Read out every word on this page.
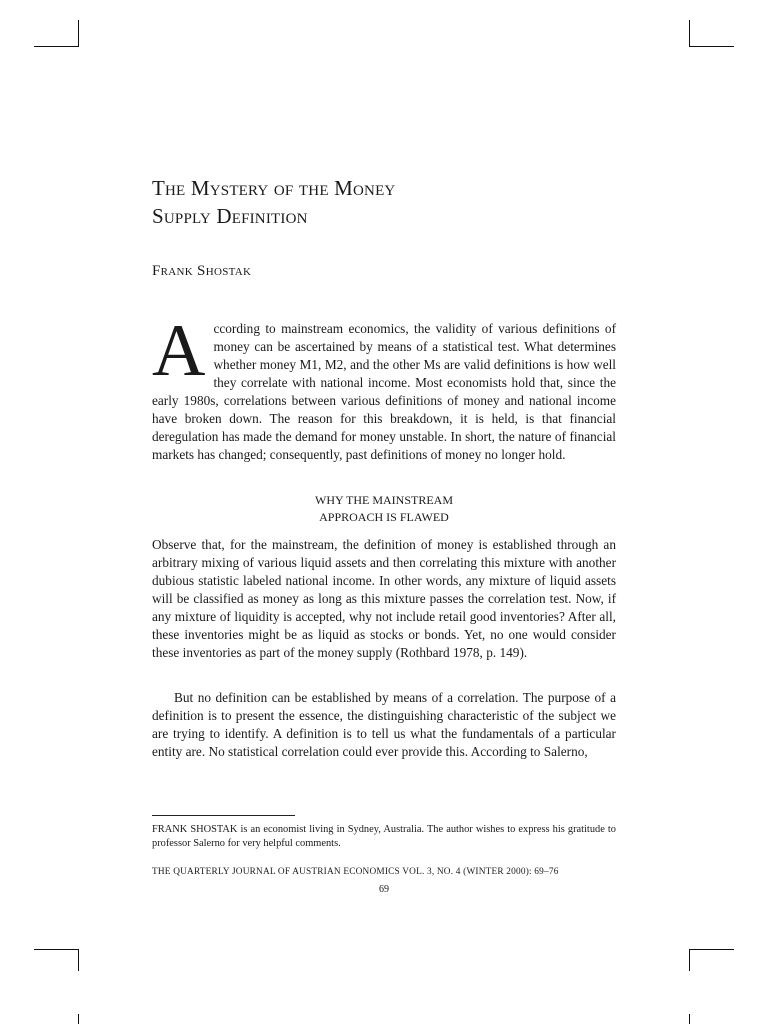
The Mystery of the Money
Supply Definition
Frank Shostak
A ccording to mainstream economics, the validity of various definitions of money can be ascertained by means of a statistical test. What determines whether money M1, M2, and the other Ms are valid definitions is how well they correlate with national income. Most economists hold that, since the early 1980s, correlations between various definitions of money and national income have broken down. The reason for this breakdown, it is held, is that financial deregulation has made the demand for money unstable. In short, the nature of financial markets has changed; consequently, past definitions of money no longer hold.
WHY THE MAINSTREAM
APPROACH IS FLAWED
Observe that, for the mainstream, the definition of money is established through an arbitrary mixing of various liquid assets and then correlating this mixture with another dubious statistic labeled national income. In other words, any mixture of liquid assets will be classified as money as long as this mixture passes the correlation test. Now, if any mixture of liquidity is accepted, why not include retail good inventories? After all, these inventories might be as liquid as stocks or bonds. Yet, no one would consider these inventories as part of the money supply (Rothbard 1978, p. 149).
But no definition can be established by means of a correlation. The purpose of a definition is to present the essence, the distinguishing characteristic of the subject we are trying to identify. A definition is to tell us what the fundamentals of a particular entity are. No statistical correlation could ever provide this. According to Salerno,
FRANK SHOSTAK is an economist living in Sydney, Australia. The author wishes to express his gratitude to professor Salerno for very helpful comments.
THE QUARTERLY JOURNAL OF AUSTRIAN ECONOMICS VOL. 3, NO. 4 (WINTER 2000): 69–76
69
